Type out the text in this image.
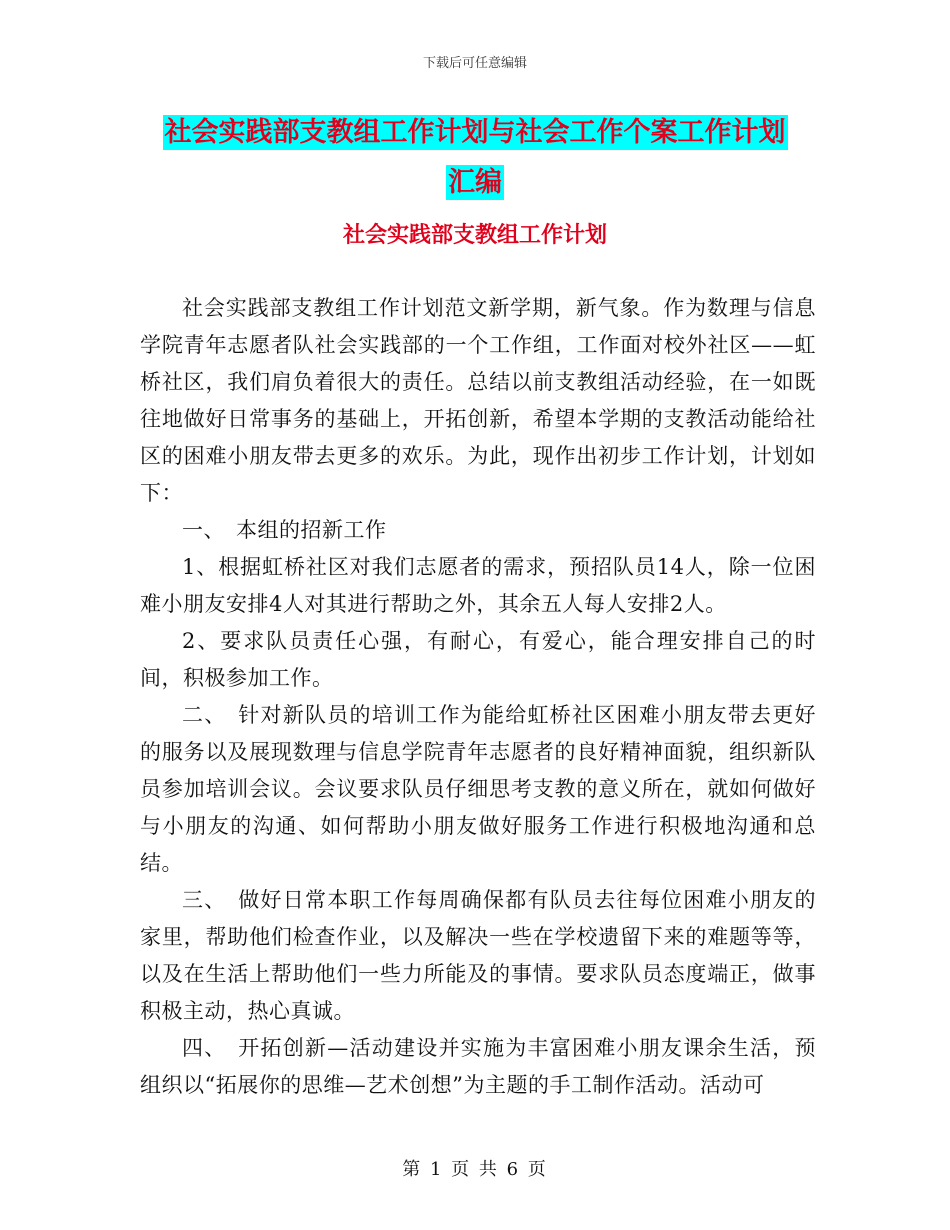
下载后可任意编辑
社会实践部支教组工作计划与社会工作个案工作计划
汇编
社会实践部支教组工作计划

社会实践部支教组工作计划范文新学期，新气象。作为数理与信息学院青年志愿者队社会实践部的一个工作组，工作面对校外社区——虹桥社区，我们肩负着很大的责任。总结以前支教组活动经验，在一如既往地做好日常事务的基础上，开拓创新，希望本学期的支教活动能给社区的困难小朋友带去更多的欢乐。为此，现作出初步工作计划，计划如下：

一、　本组的招新工作

1、根据虹桥社区对我们志愿者的需求，预招队员14人，除一位困难小朋友安排4人对其进行帮助之外，其余五人每人安排2人。

2、要求队员责任心强，有耐心，有爱心，能合理安排自己的时间，积极参加工作。

二、　针对新队员的培训工作为能给虹桥社区困难小朋友带去更好的服务以及展现数理与信息学院青年志愿者的良好精神面貌，组织新队员参加培训会议。会议要求队员仔细思考支教的意义所在，就如何做好与小朋友的沟通、如何帮助小朋友做好服务工作进行积极地沟通和总结。

三、　做好日常本职工作每周确保都有队员去往每位困难小朋友的家里，帮助他们检查作业，以及解决一些在学校遗留下来的难题等等，以及在生活上帮助他们一些力所能及的事情。要求队员态度端正，做事积极主动，热心真诚。

四、　开拓创新—活动建设并实施为丰富困难小朋友课余生活，预组织以“拓展你的思维—艺术创想”为主题的手工制作活动。活动可

第 1 页 共 6 页
